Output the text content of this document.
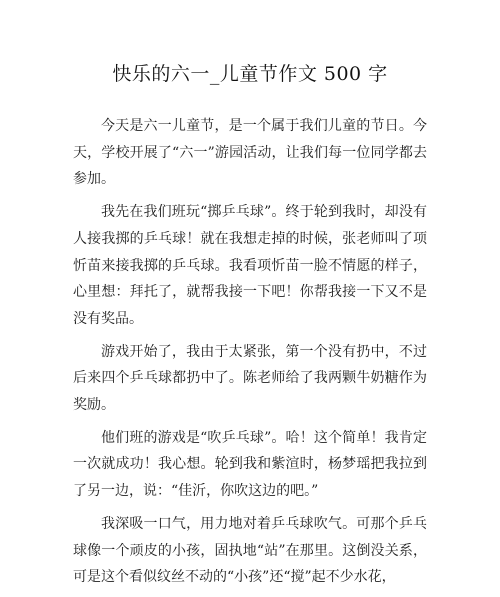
快乐的六一_儿童节作文 500 字

今天是六一儿童节，是一个属于我们儿童的节日。今天，学校开展了“六一”游园活动，让我们每一位同学都去参加。

我先在我们班玩“掷乒乓球”。终于轮到我时，却没有人接我掷的乒乓球！就在我想走掉的时候，张老师叫了项忻苗来接我掷的乒乓球。我看项忻苗一脸不情愿的样子，心里想：拜托了，就帮我接一下吧！你帮我接一下又不是没有奖品。

游戏开始了，我由于太紧张，第一个没有扔中，不过后来四个乒乓球都扔中了。陈老师给了我两颗牛奶糖作为奖励。

他们班的游戏是“吹乒乓球”。哈！这个简单！我肯定一次就成功！我心想。轮到我和紫渲时，杨梦瑶把我拉到了另一边，说：“佳沂，你吹这边的吧。”

我深吸一口气，用力地对着乒乓球吹气。可那个乒乓球像一个顽皮的小孩，固执地“站”在那里。这倒没关系，可是这个看似纹丝不动的“小孩”还“搅”起不少水花，
